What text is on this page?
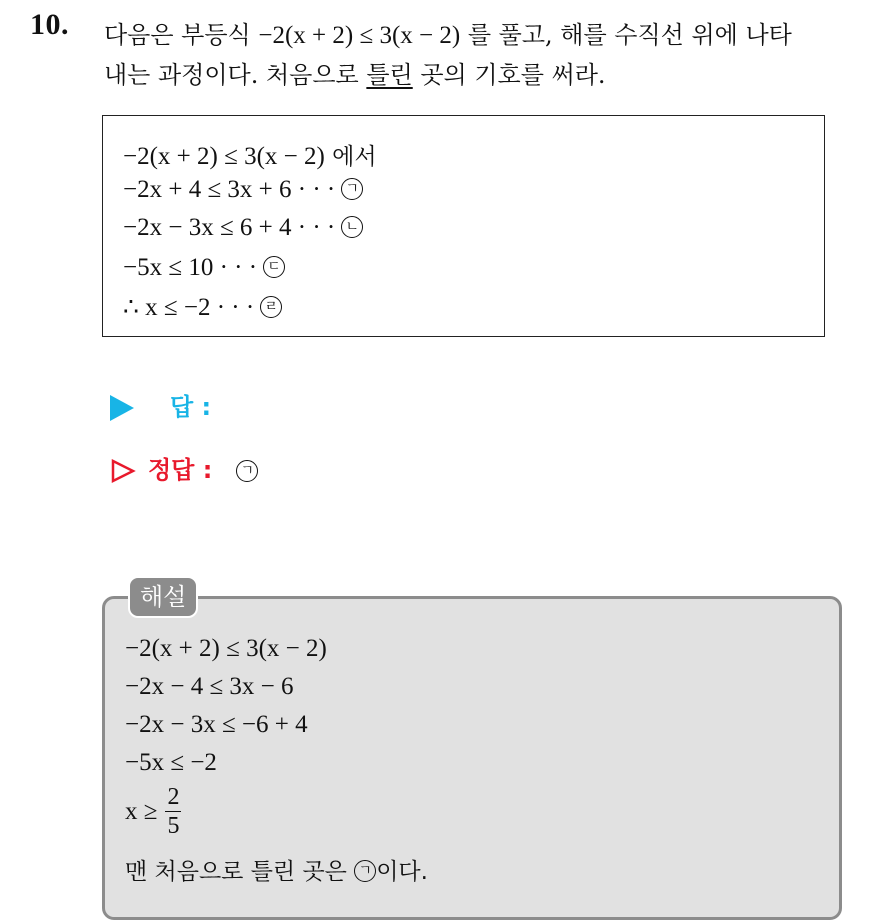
10. 다음은 부등식 −2(x + 2) ≤ 3(x − 2) 를 풀고, 해를 수직선 위에 나타
내는 과정이다. 처음으로 틀린 곳의 기호를 써라.
−2(x + 2) ≤ 3(x − 2) 에서
−2x + 4 ≤ 3x + 6 · · · ㄱ
−2x − 3x ≤ 6 + 4 · · · ㄴ
−5x ≤ 10 · · · ㄷ
∴ x ≤ −2 · · · ㄹ
답 :
정답 : ㄱ
−2(x + 2) ≤ 3(x − 2)
−2x − 4 ≤ 3x − 6
−2x − 3x ≤ −6 + 4
−5x ≤ −2
$x \ge \frac{2}{5}$
맨 처음으로 틀린 곳은 ㄱ 이다.
해설
